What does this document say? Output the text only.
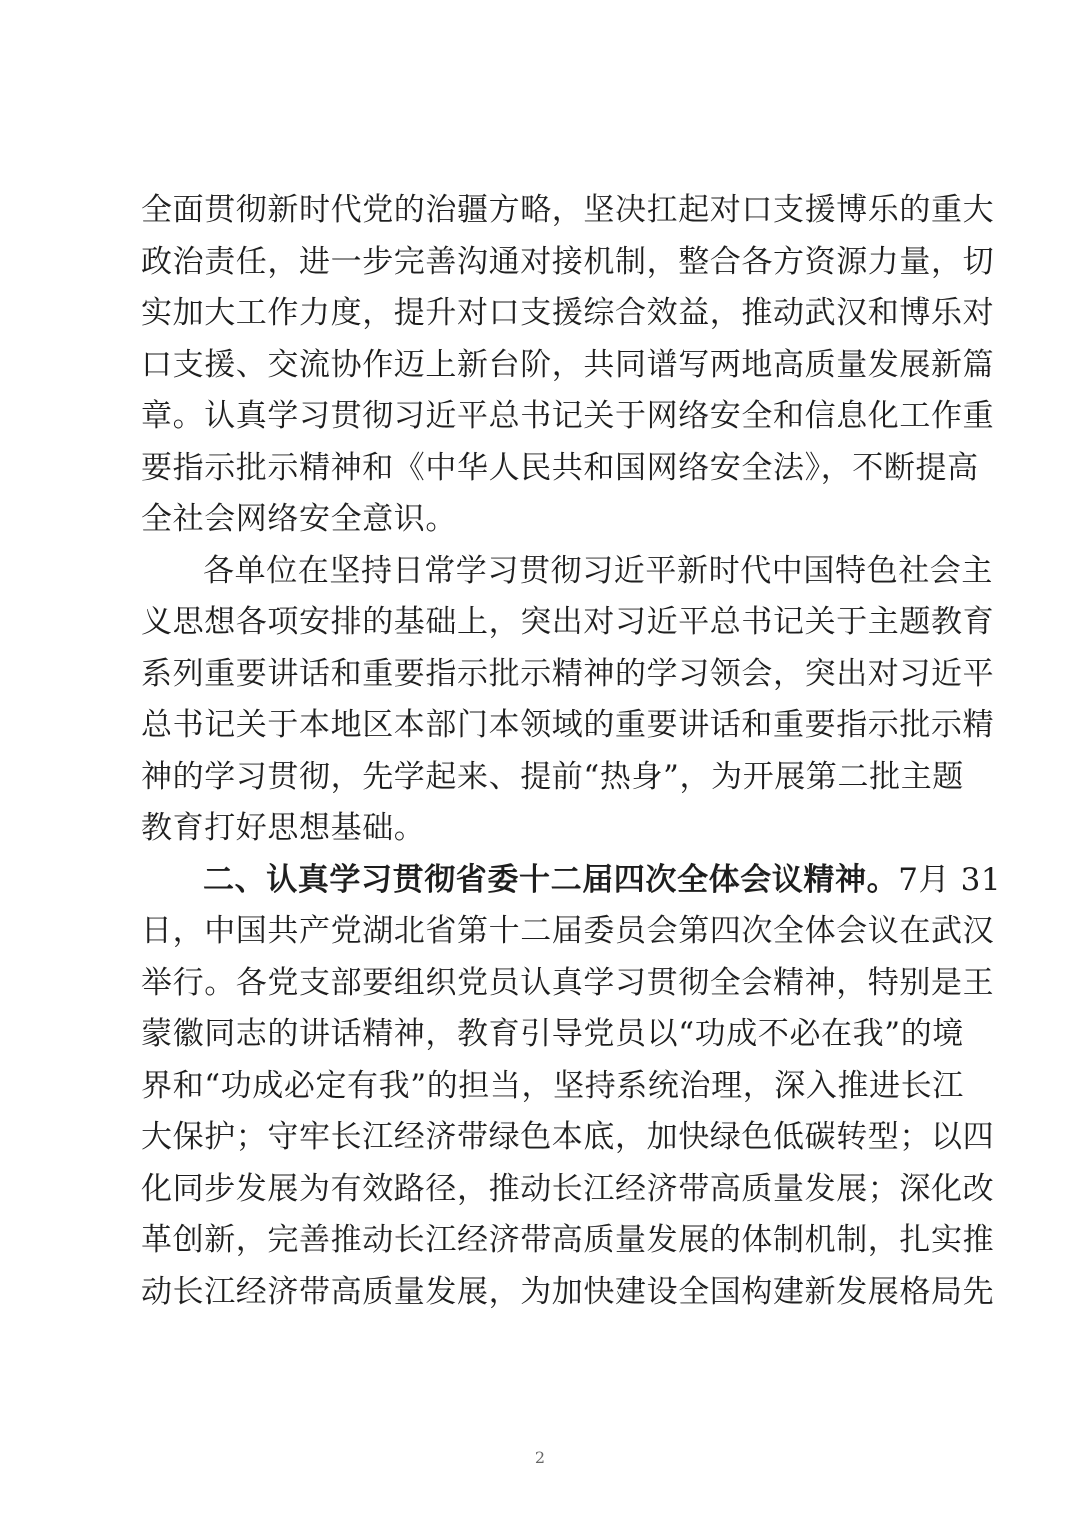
全面贯彻新时代党的治疆方略，坚决扛起对口支援博乐的重大
政治责任，进一步完善沟通对接机制，整合各方资源力量，切
实加大工作力度，提升对口支援综合效益，推动武汉和博乐对
口支援、交流协作迈上新台阶，共同谱写两地高质量发展新篇
章。认真学习贯彻习近平总书记关于网络安全和信息化工作重
要指示批示精神和《中华人民共和国网络安全法》，不断提高
全社会网络安全意识。
各单位在坚持日常学习贯彻习近平新时代中国特色社会主
义思想各项安排的基础上，突出对习近平总书记关于主题教育
系列重要讲话和重要指示批示精神的学习领会，突出对习近平
总书记关于本地区本部门本领域的重要讲话和重要指示批示精
神的学习贯彻，先学起来、提前“热身”，为开展第二批主题
教育打好思想基础。
二、认真学习贯彻省委十二届四次全体会议精神。7月 31
日，中国共产党湖北省第十二届委员会第四次全体会议在武汉
举行。各党支部要组织党员认真学习贯彻全会精神，特别是王
蒙徽同志的讲话精神，教育引导党员以“功成不必在我”的境
界和“功成必定有我”的担当，坚持系统治理，深入推进长江
大保护；守牢长江经济带绿色本底，加快绿色低碳转型；以四
化同步发展为有效路径，推动长江经济带高质量发展；深化改
革创新，完善推动长江经济带高质量发展的体制机制，扎实推
动长江经济带高质量发展，为加快建设全国构建新发展格局先
2
